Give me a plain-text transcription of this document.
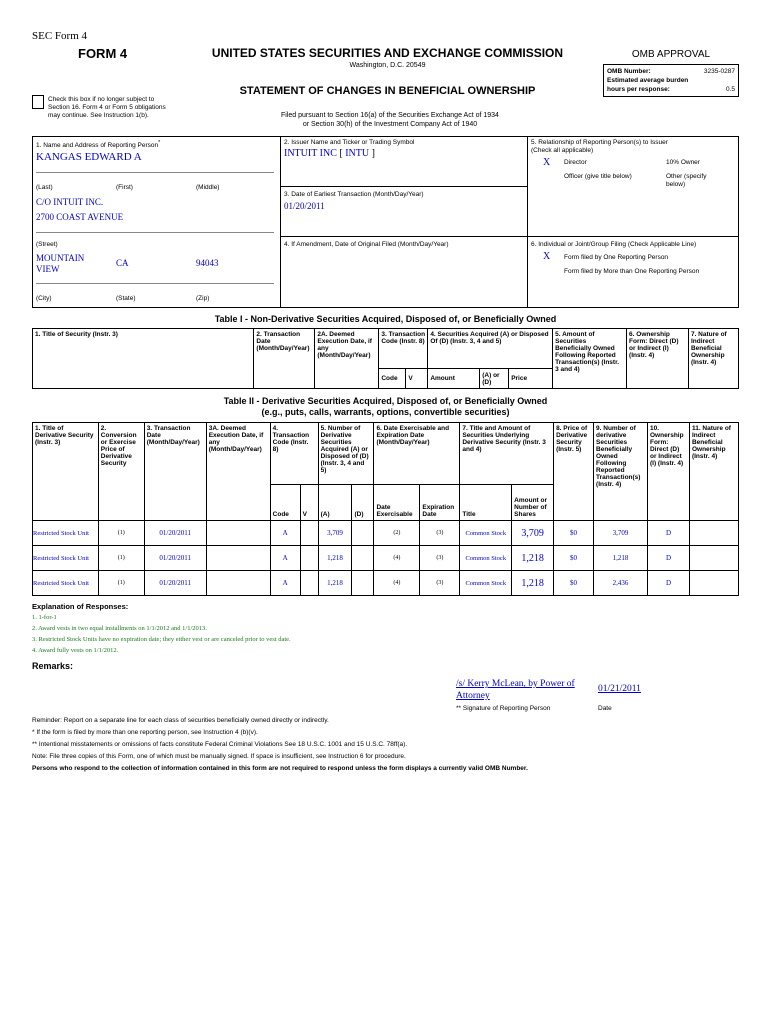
SEC Form 4
FORM 4	UNITED STATES SECURITIES AND EXCHANGE COMMISSION
Washington, D.C. 20549
STATEMENT OF CHANGES IN BENEFICIAL OWNERSHIP
Check this box if no longer subject to Section 16. Form 4 or Form 5 obligations may continue. See Instruction 1(b).	Filed pursuant to Section 16(a) of the Securities Exchange Act of 1934
or Section 30(h) of the Investment Company Act of 1940
OMB APPROVAL
OMB Number:	3235-0287
Estimated average burden
hours per response:	0.5
1. Name and Address of Reporting Person*
KANGAS EDWARD A
(Last)	(First)	(Middle)
C/O INTUIT INC.
2700 COAST AVENUE
(Street)
MOUNTAIN VIEW
CA	94043
(City)	(State)	(Zip)
2. Issuer Name and Ticker or Trading Symbol
INTUIT INC [ INTU ]
3. Date of Earliest Transaction (Month/Day/Year)
01/20/2011
4. If Amendment, Date of Original Filed (Month/Day/Year)
5. Relationship of Reporting Person(s) to Issuer
(Check all applicable)
X Director	10% Owner
Officer (give title below)	Other (specify below)
6. Individual or Joint/Group Filing (Check Applicable Line)
X Form filed by One Reporting Person
Form filed by More than One Reporting Person
Table I - Non-Derivative Securities Acquired, Disposed of, or Beneficially Owned
1. Title of Security (Instr. 3)	2. Transaction Date (Month/Day/Year)	2A. Deemed Execution Date, if any (Month/Day/Year)	3. Transaction Code (Instr. 8)		4. Securities Acquired (A) or Disposed Of (D) (Instr. 3, 4 and 5)			5. Amount of Securities Beneficially Owned Following Reported Transaction(s) (Instr. 3 and 4)	6. Ownership Form: Direct (D) or Indirect (I) (Instr. 4)	7. Nature of Indirect Beneficial Ownership (Instr. 4)
			Code	V	Amount	(A) or (D)	Price			
Table II - Derivative Securities Acquired, Disposed of, or Beneficially Owned
(e.g., puts, calls, warrants, options, convertible securities)
1. Title of Derivative Security (Instr. 3)	2. Conversion or Exercise Price of Derivative Security	3. Transaction Date (Month/Day/Year)	3A. Deemed Execution Date, if any (Month/Day/Year)	4. Transaction Code (Instr. 8)		5. Number of Derivative Securities Acquired (A) or Disposed of (D) (Instr. 3, 4 and 5)		6. Date Exercisable and Expiration Date (Month/Day/Year)		7. Title and Amount of Securities Underlying Derivative Security (Instr. 3 and 4)		8. Price of Derivative Security (Instr. 5)	9. Number of derivative Securities Beneficially Owned Following Reported Transaction(s) (Instr. 4)	10. Ownership Form: Direct (D) or Indirect (I) (Instr. 4)	11. Nature of Indirect Beneficial Ownership (Instr. 4)
				Code	V	(A)	(D)	Date Exercisable	Expiration Date	Title	Amount or Number of Shares				
Restricted Stock Unit	(1)	01/20/2011		A		3,709		(2)	(3)	Common Stock	3,709	$0	3,709	D	
Restricted Stock Unit	(1)	01/20/2011		A		1,218		(4)	(3)	Common Stock	1,218	$0	1,218	D	
Restricted Stock Unit	(1)	01/20/2011		A		1,218		(4)	(3)	Common Stock	1,218	$0	2,436	D	
Explanation of Responses:
1. 1-for-1
2. Award vests in two equal installments on 1/1/2012 and 1/1/2013.
3. Restricted Stock Units have no expiration date; they either vest or are canceled prior to vest date.
4. Award fully vests on 1/1/2012.
Remarks:
/s/ Kerry McLean, by Power of Attorney
01/21/2011
** Signature of Reporting Person	Date
Reminder: Report on a separate line for each class of securities beneficially owned directly or indirectly.
* If the form is filed by more than one reporting person, see Instruction 4 (b)(v).
** Intentional misstatements or omissions of facts constitute Federal Criminal Violations See 18 U.S.C. 1001 and 15 U.S.C. 78ff(a).
Note: File three copies of this Form, one of which must be manually signed. If space is insufficient, see Instruction 6 for procedure.
Persons who respond to the collection of information contained in this form are not required to respond unless the form displays a currently valid OMB Number.
